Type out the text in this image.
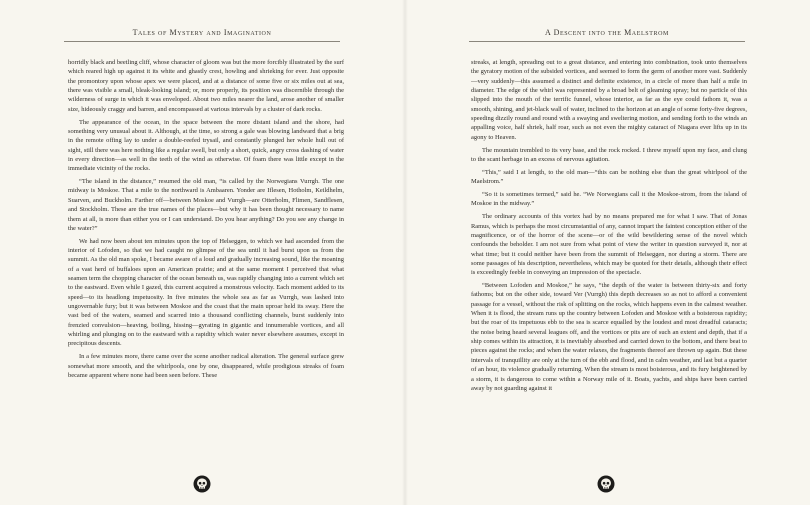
Tales of Mystery and Imagination

horridly black and beetling cliff, whose character of gloom was but the more forcibly illustrated by the surf which reared high up against it its white and ghastly crest, howling and shrieking for ever. Just opposite the promontory upon whose apex we were placed, and at a distance of some five or six miles out at sea, there was visible a small, bleak-looking island; or, more properly, its position was discernible through the wilderness of surge in which it was enveloped. About two miles nearer the land, arose another of smaller size, hideously craggy and barren, and encompassed at various intervals by a cluster of dark rocks.

The appearance of the ocean, in the space between the more distant island and the shore, had something very unusual about it. Although, at the time, so strong a gale was blowing landward that a brig in the remote offing lay to under a double-reefed trysail, and constantly plunged her whole hull out of sight, still there was here nothing like a regular swell, but only a short, quick, angry cross dashing of water in every direction—as well in the teeth of the wind as otherwise. Of foam there was little except in the immediate vicinity of the rocks.

“The island in the distance,” resumed the old man, “is called by the Norwegians Vurrgh. The one midway is Moskoe. That a mile to the northward is Ambaaren. Yonder are Iflesen, Hotholm, Keildhelm, Suarven, and Buckholm. Farther off—between Moskoe and Vurrgh—are Otterholm, Flimen, Sandflesen, and Stockholm. These are the true names of the places—but why it has been thought necessary to name them at all, is more than either you or I can understand. Do you hear anything? Do you see any change in the water?”

We had now been about ten minutes upon the top of Helseggen, to which we had ascended from the interior of Lofoden, so that we had caught no glimpse of the sea until it had burst upon us from the summit. As the old man spoke, I became aware of a loud and gradually increasing sound, like the moaning of a vast herd of buffaloes upon an American prairie; and at the same moment I perceived that what seamen term the chopping character of the ocean beneath us, was rapidly changing into a current which set to the eastward. Even while I gazed, this current acquired a monstrous velocity. Each moment added to its speed—to its headlong impetuosity. In five minutes the whole sea as far as Vurrgh, was lashed into ungovernable fury; but it was between Moskoe and the coast that the main uproar held its sway. Here the vast bed of the waters, seamed and scarred into a thousand conflicting channels, burst suddenly into frenzied convulsion—heaving, boiling, hissing—gyrating in gigantic and innumerable vortices, and all whirling and plunging on to the eastward with a rapidity which water never elsewhere assumes, except in precipitous descents.

In a few minutes more, there came over the scene another radical alteration. The general surface grew somewhat more smooth, and the whirlpools, one by one, disappeared, while prodigious streaks of foam became apparent where none had been seen before. These

A Descent into the Maelstrom

streaks, at length, spreading out to a great distance, and entering into combination, took unto themselves the gyratory motion of the subsided vortices, and seemed to form the germ of another more vast. Suddenly—very suddenly—this assumed a distinct and definite existence, in a circle of more than half a mile in diameter. The edge of the whirl was represented by a broad belt of gleaming spray; but no particle of this slipped into the mouth of the terrific funnel, whose interior, as far as the eye could fathom it, was a smooth, shining, and jet-black wall of water, inclined to the horizon at an angle of some forty-five degrees, speeding dizzily round and round with a swaying and sweltering motion, and sending forth to the winds an appalling voice, half shriek, half roar, such as not even the mighty cataract of Niagara ever lifts up in its agony to Heaven.

The mountain trembled to its very base, and the rock rocked. I threw myself upon my face, and clung to the scant herbage in an excess of nervous agitation.

“This,” said I at length, to the old man—“this can be nothing else than the great whirlpool of the Maelstrom.”

“So it is sometimes termed,” said he. “We Norwegians call it the Moskoe-strom, from the island of Moskoe in the midway.”

The ordinary accounts of this vortex had by no means prepared me for what I saw. That of Jonas Ramus, which is perhaps the most circumstantial of any, cannot impart the faintest conception either of the magnificence, or of the horror of the scene—or of the wild bewildering sense of the novel which confounds the beholder. I am not sure from what point of view the writer in question surveyed it, nor at what time; but it could neither have been from the summit of Helseggen, nor during a storm. There are some passages of his description, nevertheless, which may be quoted for their details, although their effect is exceedingly feeble in conveying an impression of the spectacle.

“Between Lofoden and Moskoe,” he says, “the depth of the water is between thirty-six and forty fathoms; but on the other side, toward Ver (Vurrgh) this depth decreases so as not to afford a convenient passage for a vessel, without the risk of splitting on the rocks, which happens even in the calmest weather. When it is flood, the stream runs up the country between Lofoden and Moskoe with a boisterous rapidity; but the roar of its impetuous ebb to the sea is scarce equalled by the loudest and most dreadful cataracts; the noise being heard several leagues off, and the vortices or pits are of such an extent and depth, that if a ship comes within its attraction, it is inevitably absorbed and carried down to the bottom, and there beat to pieces against the rocks; and when the water relaxes, the fragments thereof are thrown up again. But these intervals of tranquillity are only at the turn of the ebb and flood, and in calm weather, and last but a quarter of an hour, its violence gradually returning. When the stream is most boisterous, and its fury heightened by a storm, it is dangerous to come within a Norway mile of it. Boats, yachts, and ships have been carried away by not guarding against it
